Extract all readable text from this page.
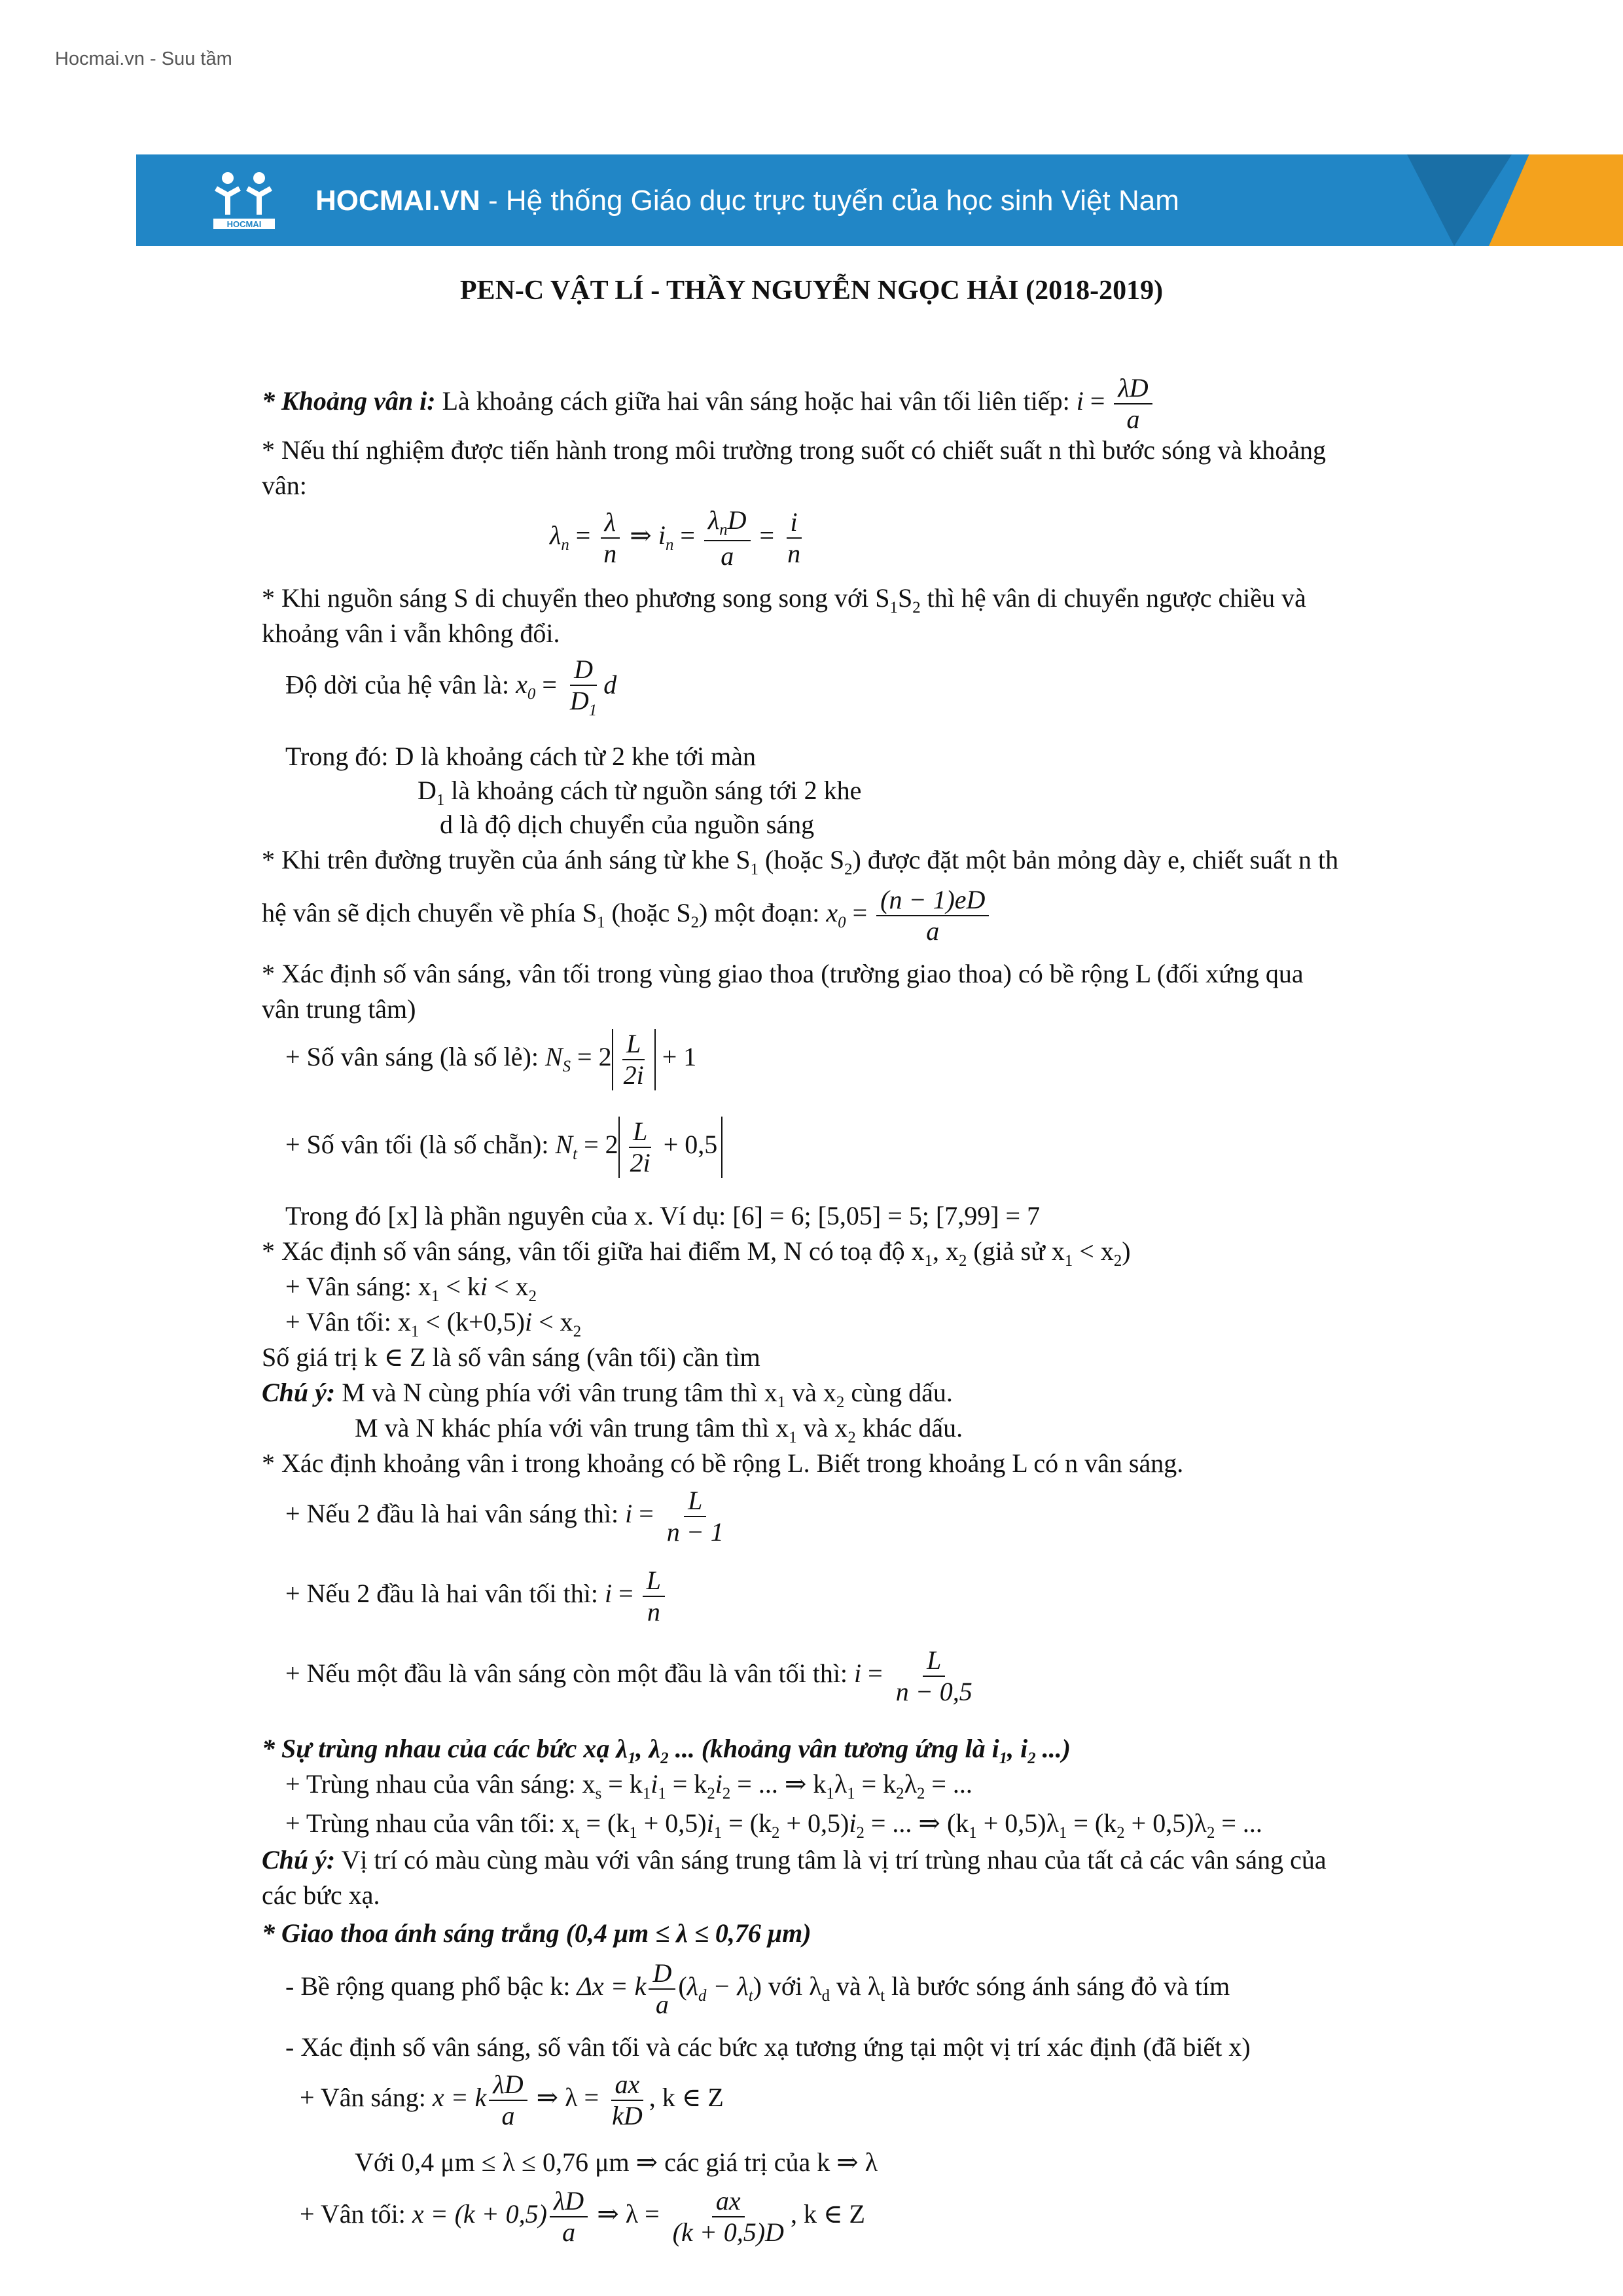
Hocmai.vn - Suu tầm
HOCMAI
HOCMAI.VN - Hệ thống Giáo dục trực tuyến của học sinh Việt Nam
PEN-C VẬT LÍ - THẦY NGUYỄN NGỌC HẢI (2018-2019)
* Khoảng vân i: Là khoảng cách giữa hai vân sáng hoặc hai vân tối liên tiếp: $i = \frac{\lambda D}{a}$
* Nếu thí nghiệm được tiến hành trong môi trường trong suốt có chiết suất n thì bước sóng và khoảng
vân:
$\lambda_n = \frac{\lambda}{n}$ ⇒ $i_n = \frac{\lambda_nD}{a} = \frac{i}{n}$
* Khi nguồn sáng S di chuyển theo phương song song với $S_1S_2$ thì hệ vân di chuyển ngược chiều và
khoảng vân i vẫn không đổi.
Độ dời của hệ vân là: $x_0 = \frac{D}{D_1}$ d
Trong đó: D là khoảng cách từ 2 khe tới màn
$D_1$ là khoảng cách từ nguồn sáng tới 2 khe
d là độ dịch chuyển của nguồn sáng
* Khi trên đường truyền của ánh sáng từ khe $S_1$ (hoặc $S_2$) được đặt một bản mỏng dày e, chiết suất n th
hệ vân sẽ dịch chuyển về phía $S_1$ (hoặc $S_2$) một đoạn: $x_0 = \frac{(n - 1)eD}{a}$
* Xác định số vân sáng, vân tối trong vùng giao thoa (trường giao thoa) có bề rộng L (đối xứng qua
vân trung tâm)
+ Số vân sáng (là số lẻ): $N_S = 2 \frac{L}{2i} + 1$
+ Số vân tối (là số chẵn): $N_t = 2 \frac{L}{2i} + 0,5$
Trong đó [x] là phần nguyên của x. Ví dụ: [6] = 6; [5,05] = 5; [7,99] = 7
* Xác định số vân sáng, vân tối giữa hai điểm M, N có toạ độ $x_1$, $x_2$ (giả sử $x_1 < x_2$)
+ Vân sáng: $x_1$ < ki < $x_2$
+ Vân tối: $x_1 < (k+0,5)i < x_2$
Số giá trị k ∈ Z là số vân sáng (vân tối) cần tìm
Chú ý: M và N cùng phía với vân trung tâm thì $x_1$ và $x_2$ cùng dấu.
M và N khác phía với vân trung tâm thì $x_1$ và $x_2$ khác dấu.
* Xác định khoảng vân i trong khoảng có bề rộng L. Biết trong khoảng L có n vân sáng.
+ Nếu 2 đầu là hai vân sáng thì: $i = \frac{L}{n - 1}$
+ Nếu 2 đầu là hai vân tối thì: $i = \frac{L}{n}$
+ Nếu một đầu là vân sáng còn một đầu là vân tối thì: $i = \frac{L}{n - 0,5}$
* Sự trùng nhau của các bức xạ $\lambda_1$, $\lambda_2$ ... (khoảng vân tương ứng là $i_1$, $i_2$ ...)
+ Trùng nhau của vân sáng: $x_s = k_1i_1 = k_2i_2$ = ... ⇒ $k_1\lambda_1 = k_2\lambda_2$ = ...
+ Trùng nhau của vân tối: $x_t = (k_1 + 0,5)i_1 = (k_2 + 0,5)i_2$ = ... ⇒ $(k_1 + 0,5)\lambda_1 = (k_2 + 0,5)\lambda_2$ = ...
Chú ý: Vị trí có màu cùng màu với vân sáng trung tâm là vị trí trùng nhau của tất cả các vân sáng của
các bức xạ.
* Giao thoa ánh sáng trắng (0,4 μm ≤ λ ≤ 0,76 μm)
- Bề rộng quang phổ bậc k: Δx = k $\frac{D}{a} (\lambda_d - \lambda_t)$ với $\lambda_d$ và $\lambda_t$ là bước sóng ánh sáng đỏ và tím
- Xác định số vân sáng, số vân tối và các bức xạ tương ứng tại một vị trí xác định (đã biết x)
+ Vân sáng: x = k $\frac{\lambda D}{a}$ ⇒ $\lambda = \frac{ax}{kD}$ , k ∈ Z
Với 0,4 μm ≤ λ ≤ 0,76 μm ⇒ các giá trị của k ⇒ λ
+ Vân tối: $x = (k + 0,5) \frac{\lambda D}{a}$ ⇒ $\lambda = \frac{ax}{(k + 0,5)D}$ , k ∈ Z
